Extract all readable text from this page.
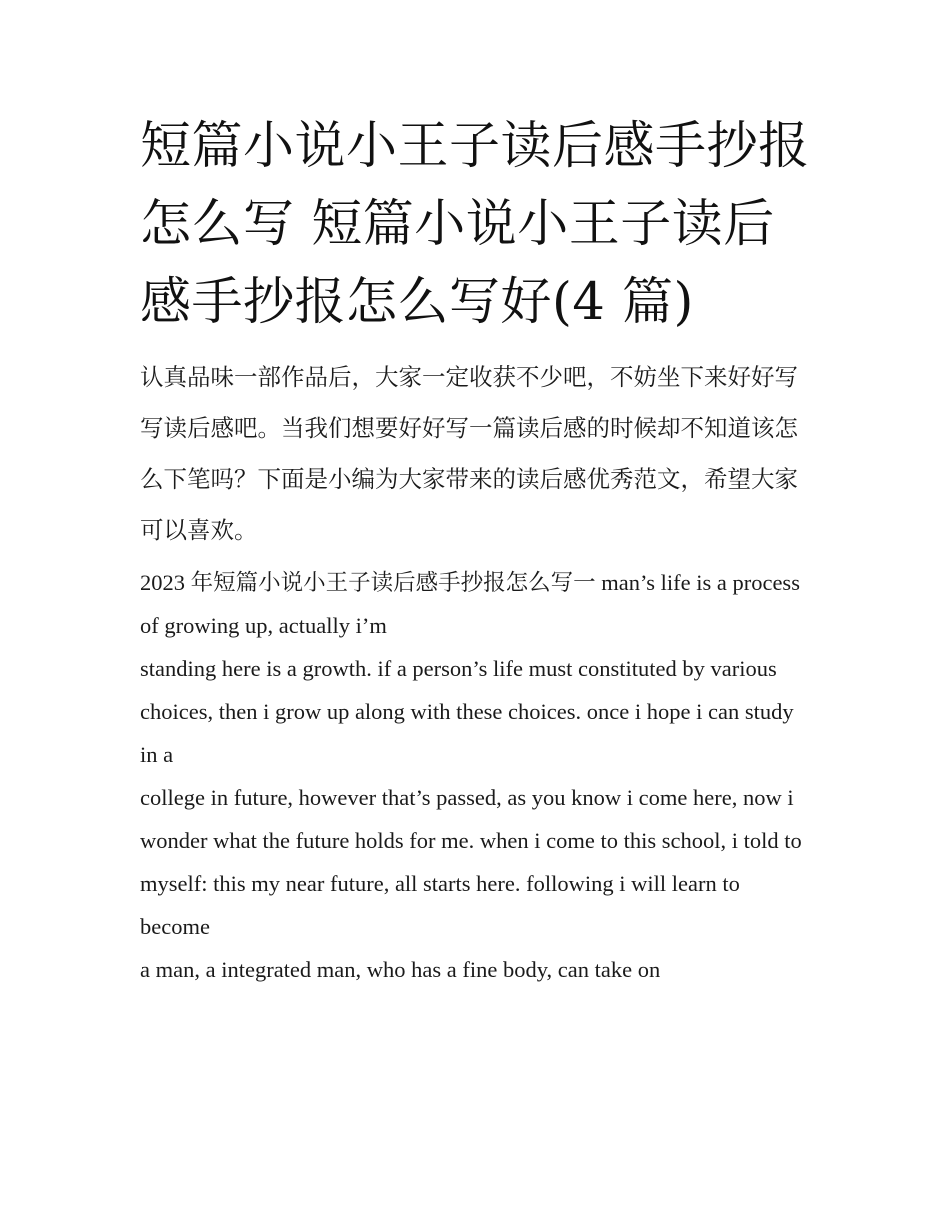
短篇小说小王子读后感手抄报怎么写 短篇小说小王子读后感手抄报怎么写好(4 篇)

认真品味一部作品后，大家一定收获不少吧，不妨坐下来好好写写读后感吧。当我们想要好好写一篇读后感的时候却不知道该怎么下笔吗？下面是小编为大家带来的读后感优秀范文，希望大家可以喜欢。

2023 年短篇小说小王子读后感手抄报怎么写一 man’s life is a process of growing up, actually i’m
standing here is a growth. if a person’s life must constituted by various
choices, then i grow up along with these choices. once i hope i can study in a
college in future, however that’s passed, as you know i come here, now i
wonder what the future holds for me. when i come to this school, i told to
myself: this my near future, all starts here. following i will learn to become
a man, a integrated man, who has a fine body, can take on
